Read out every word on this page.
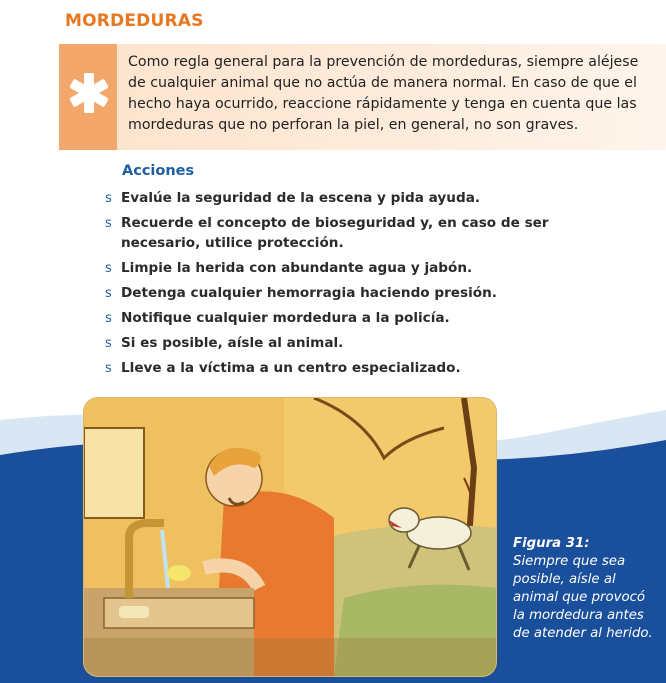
MORDEDURAS

Como regla general para la prevención de mordeduras, siempre aléjese de cualquier animal que no actúa de manera normal. En caso de que el hecho haya ocurrido, reaccione rápidamente y tenga en cuenta que las mordeduras que no perforan la piel, en general, no son graves.

Acciones
s Evalúe la seguridad de la escena y pida ayuda.
s Recuerde el concepto de bioseguridad y, en caso de ser necesario, utilice protección.
s Limpie la herida con abundante agua y jabón.
s Detenga cualquier hemorragia haciendo presión.
s Notifique cualquier mordedura a la policía.
s Si es posible, aísle al animal.
s Lleve a la víctima a un centro especializado.
Figura 31:
Siempre que sea posible, aísle al animal que provocó la mordedura antes de atender al herido.
